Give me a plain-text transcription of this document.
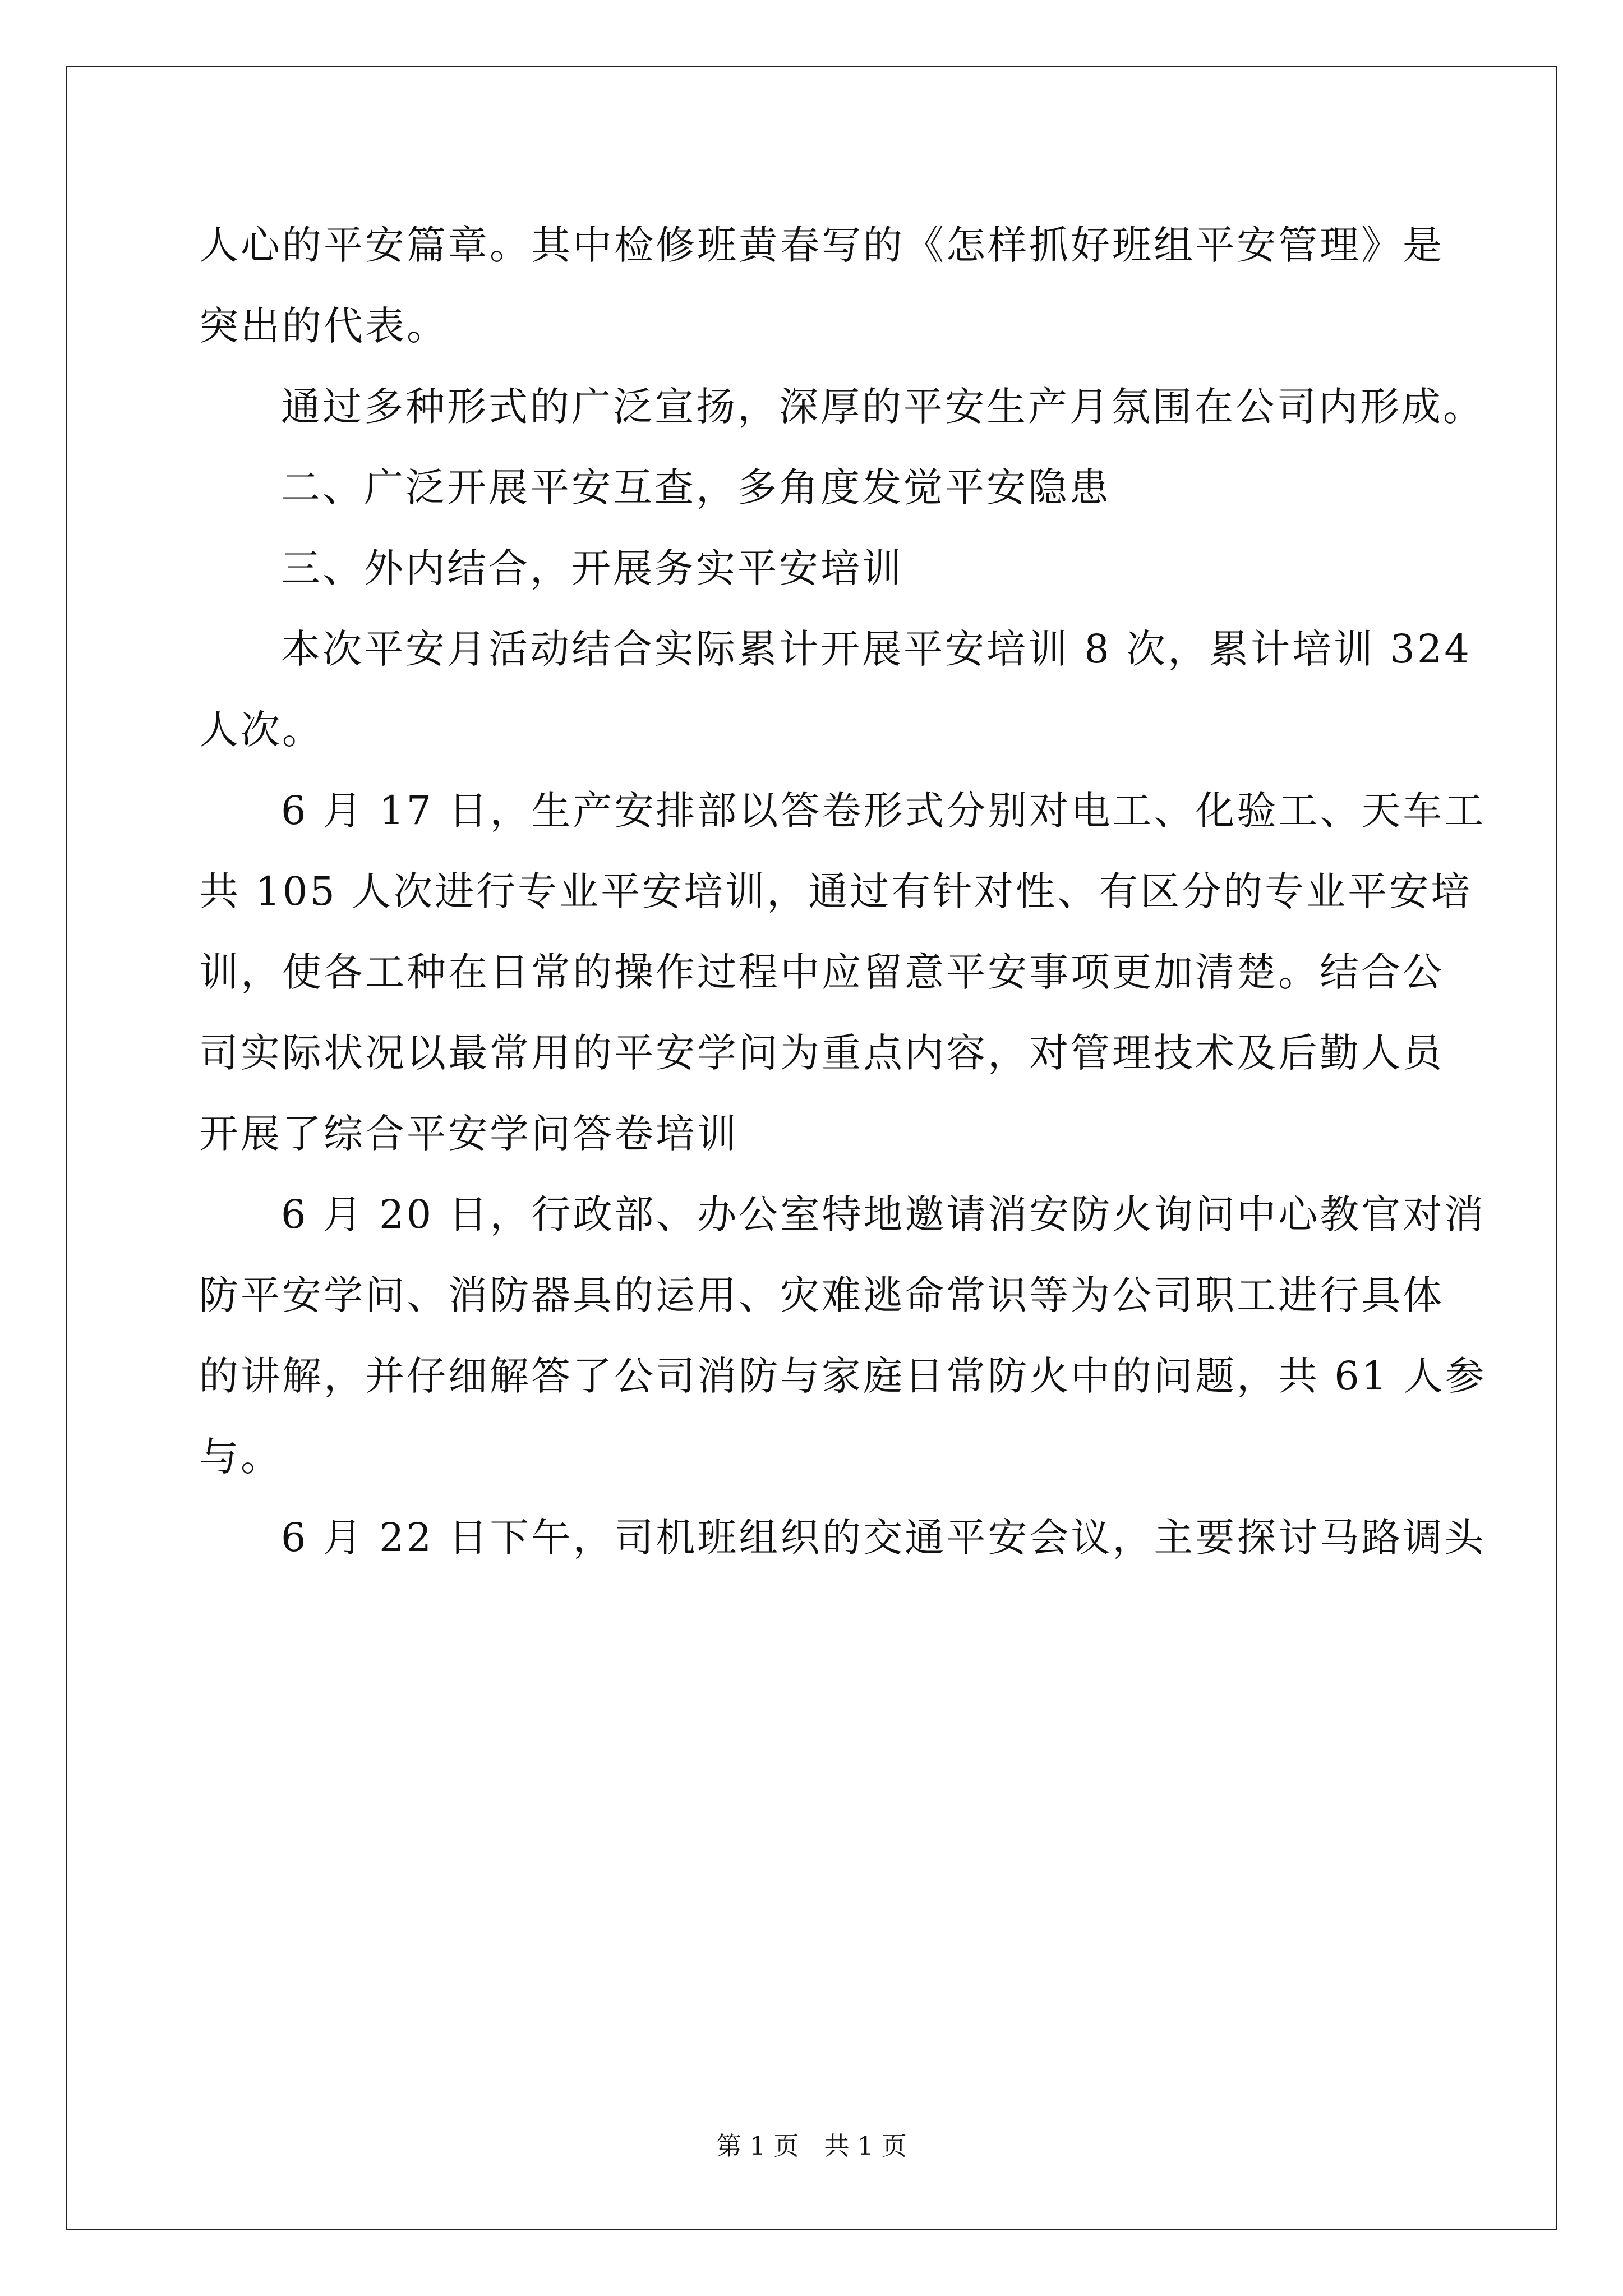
人心的平安篇章。其中检修班黄春写的《怎样抓好班组平安管理》是
突出的代表。
通过多种形式的广泛宣扬，深厚的平安生产月氛围在公司内形成。
二、广泛开展平安互查，多角度发觉平安隐患
三、外内结合，开展务实平安培训
本次平安月活动结合实际累计开展平安培训 8 次，累计培训 324
人次。
6 月 17 日，生产安排部以答卷形式分别对电工、化验工、天车工
共 105 人次进行专业平安培训，通过有针对性、有区分的专业平安培
训，使各工种在日常的操作过程中应留意平安事项更加清楚。结合公
司实际状况以最常用的平安学问为重点内容，对管理技术及后勤人员
开展了综合平安学问答卷培训
6 月 20 日，行政部、办公室特地邀请消安防火询问中心教官对消
防平安学问、消防器具的运用、灾难逃命常识等为公司职工进行具体
的讲解，并仔细解答了公司消防与家庭日常防火中的问题，共 61 人参
与。
6 月 22 日下午，司机班组织的交通平安会议，主要探讨马路调头
第 1 页 共 1 页
